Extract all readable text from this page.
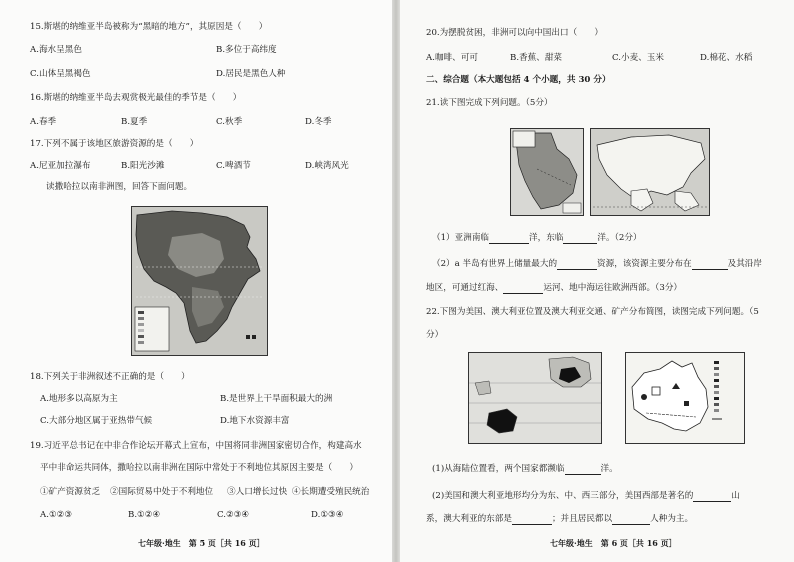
15.斯堪的纳维亚半岛被称为“黑暗的地方”，其原因是（　　）
A.海水呈黑色	B.多位于高纬度
C.山体呈黑褐色	D.居民是黑色人种
16.斯堪的纳维亚半岛去观赏极光最佳的季节是（　　）
A.春季	B.夏季	C.秋季	D.冬季
17.下列不属于该地区旅游资源的是（　　）
A.尼亚加拉瀑布	B.阳光沙滩	C.啤酒节	D.峡湾风光
读撒哈拉以南非洲图，回答下面问题。
18.下列关于非洲叙述不正确的是（　　）
A.地形多以高原为主	B.是世界上干旱面积最大的洲
C.大部分地区属于亚热带气候	D.地下水资源丰富
19.习近平总书记在中非合作论坛开幕式上宣布，中国将同非洲国家密切合作，构建高水
平中非命运共同体，撒哈拉以南非洲在国际中常处于不利地位其原因主要是（　　）
①矿产资源贫乏 ②国际贸易中处于不利地位 ③人口增长过快 ④长期遭受殖民统治
A.①②③	B.①②④	C.②③④	D.①③④
七年级·地生　第 5 页［共 16 页］
20.为摆脱贫困，非洲可以向中国出口（　　）
A.咖啡、可可	B.香蕉、甜菜	C.小麦、玉米	D.棉花、水稻
二、综合题（本大题包括 4 个小题，共 30 分）
21.读下图完成下列问题。（5分）
（1）亚洲南临	洋，东临	洋。（2分）
（2）a 半岛有世界上储量最大的	资源，该资源主要分布在	及其沿岸
地区，可通过红海、	运河、地中海运往欧洲西部。（3分）
22.下图为美国、澳大利亚位置及澳大利亚交通、矿产分布简图，读图完成下列问题。（5
分）
(1)从海陆位置看，两个国家都濒临	洋。
(2)美国和澳大利亚地形均分为东、中、西三部分，美国西部是著名的	山
系，澳大利亚的东部是	；并且居民都以	人种为主。
七年级·地生　第 6 页［共 16 页］
